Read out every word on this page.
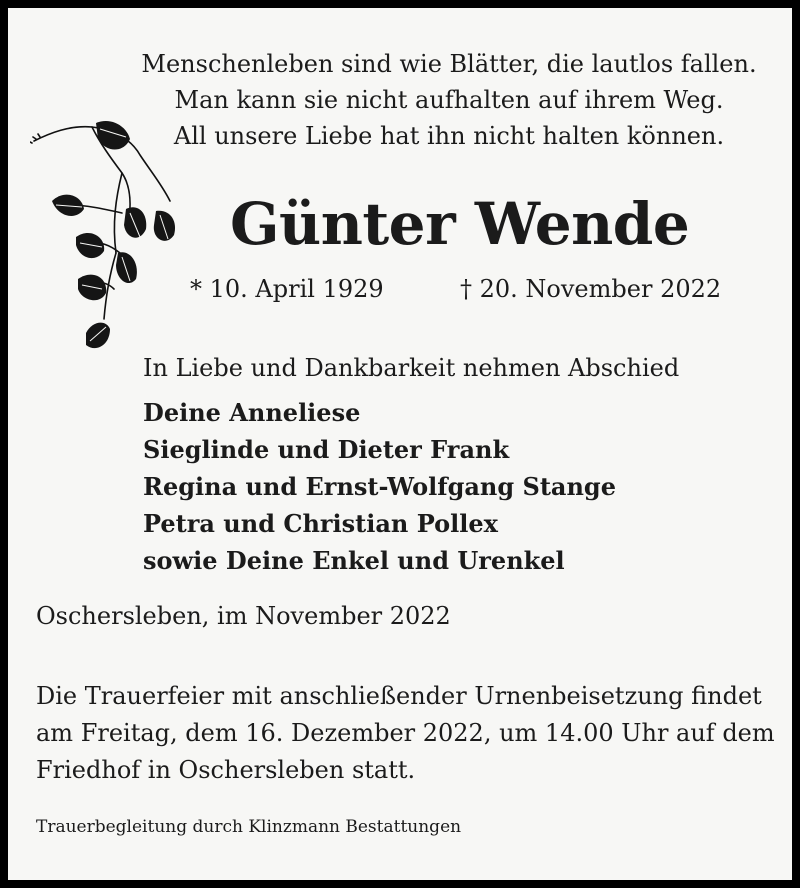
Menschenleben sind wie Blätter, die lautlos fallen.
Man kann sie nicht aufhalten auf ihrem Weg.
All unsere Liebe hat ihn nicht halten können.
Günter Wende
* 10. April 1929	† 20. November 2022
In Liebe und Dankbarkeit nehmen Abschied
Deine Anneliese
Sieglinde und Dieter Frank
Regina und Ernst-Wolfgang Stange
Petra und Christian Pollex
sowie Deine Enkel und Urenkel
Oschersleben, im November 2022
Die Trauerfeier mit anschließender Urnenbeisetzung findet
am Freitag, dem 16. Dezember 2022, um 14.00 Uhr auf dem
Friedhof in Oschersleben statt.
Trauerbegleitung durch Klinzmann Bestattungen
